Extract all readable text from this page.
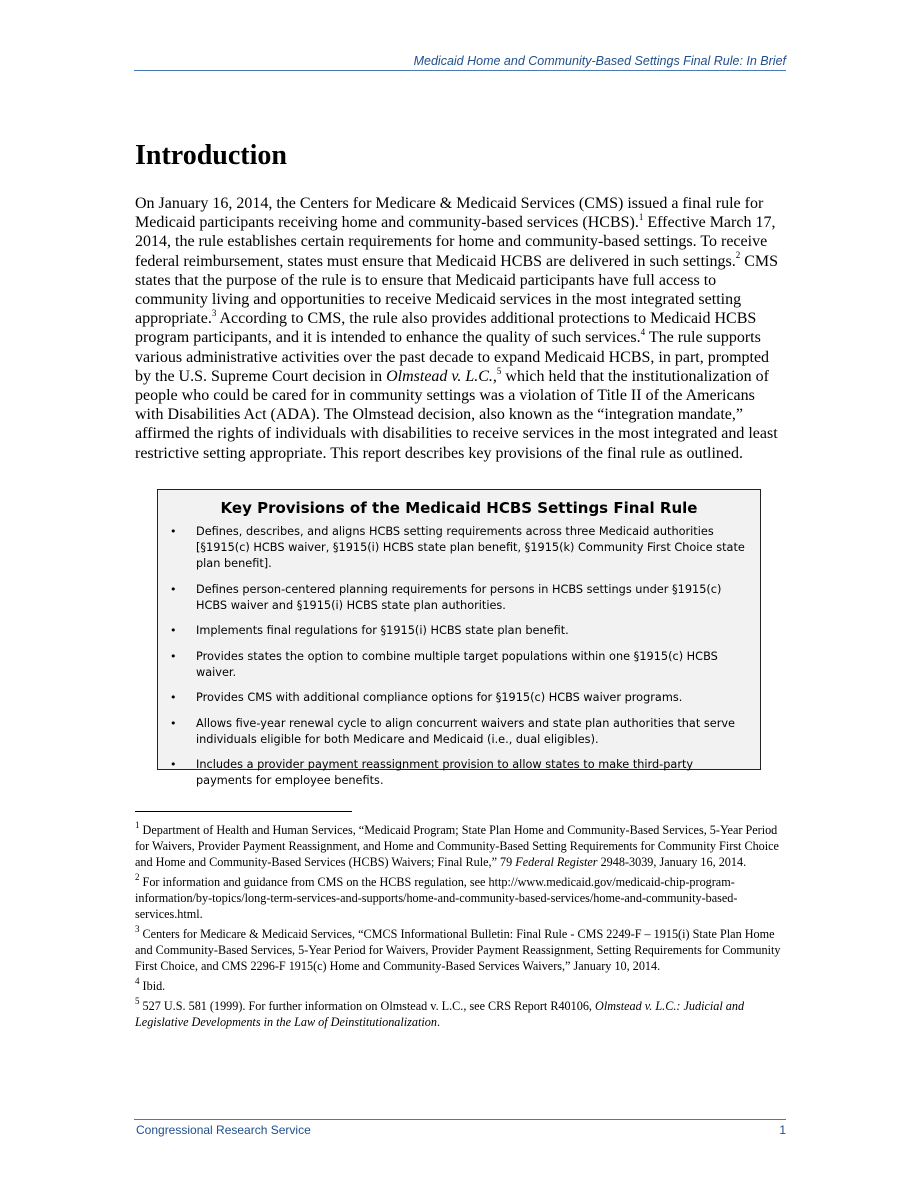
Medicaid Home and Community-Based Settings Final Rule: In Brief
Introduction

On January 16, 2014, the Centers for Medicare & Medicaid Services (CMS) issued a final rule for Medicaid participants receiving home and community-based services (HCBS).$^1$ Effective March 17, 2014, the rule establishes certain requirements for home and community-based settings. To receive federal reimbursement, states must ensure that Medicaid HCBS are delivered in such settings.$^2$ CMS states that the purpose of the rule is to ensure that Medicaid participants have full access to community living and opportunities to receive Medicaid services in the most integrated setting appropriate.$^3$ According to CMS, the rule also provides additional protections to Medicaid HCBS program participants, and it is intended to enhance the quality of such services.$^4$ The rule supports various administrative activities over the past decade to expand Medicaid HCBS, in part, prompted by the U.S. Supreme Court decision in Olmstead v. L.C.,$^5$ which held that the institutionalization of people who could be cared for in community settings was a violation of Title II of the Americans with Disabilities Act (ADA). The Olmstead decision, also known as the “integration mandate,” affirmed the rights of individuals with disabilities to receive services in the most integrated and least restrictive setting appropriate. This report describes key provisions of the final rule as outlined.

Key Provisions of the Medicaid HCBS Settings Final Rule
• Defines, describes, and aligns HCBS setting requirements across three Medicaid authorities [§1915(c) HCBS waiver, §1915(i) HCBS state plan benefit, §1915(k) Community First Choice state plan benefit].
• Defines person-centered planning requirements for persons in HCBS settings under §1915(c) HCBS waiver and §1915(i) HCBS state plan authorities.
• Implements final regulations for §1915(i) HCBS state plan benefit.
• Provides states the option to combine multiple target populations within one §1915(c) HCBS waiver.
• Provides CMS with additional compliance options for §1915(c) HCBS waiver programs.
• Allows five-year renewal cycle to align concurrent waivers and state plan authorities that serve individuals eligible for both Medicare and Medicaid (i.e., dual eligibles).
• Includes a provider payment reassignment provision to allow states to make third-party payments for employee benefits.

$^1$ Department of Health and Human Services, “Medicaid Program; State Plan Home and Community-Based Services, 5-Year Period for Waivers, Provider Payment Reassignment, and Home and Community-Based Setting Requirements for Community First Choice and Home and Community-Based Services (HCBS) Waivers; Final Rule,” 79 Federal Register 2948-3039, January 16, 2014.

$^2$ For information and guidance from CMS on the HCBS regulation, see http://www.medicaid.gov/medicaid-chip-program-information/by-topics/long-term-services-and-supports/home-and-community-based-services/home-and-community-based-services.html.

$^3$ Centers for Medicare & Medicaid Services, “CMCS Informational Bulletin: Final Rule - CMS 2249-F – 1915(i) State Plan Home and Community-Based Services, 5-Year Period for Waivers, Provider Payment Reassignment, Setting Requirements for Community First Choice, and CMS 2296-F 1915(c) Home and Community-Based Services Waivers,” January 10, 2014.

$^4$ Ibid.

$^5$ 527 U.S. 581 (1999). For further information on Olmstead v. L.C., see CRS Report R40106, Olmstead v. L.C.: Judicial and Legislative Developments in the Law of Deinstitutionalization.

Congressional Research Service	1
